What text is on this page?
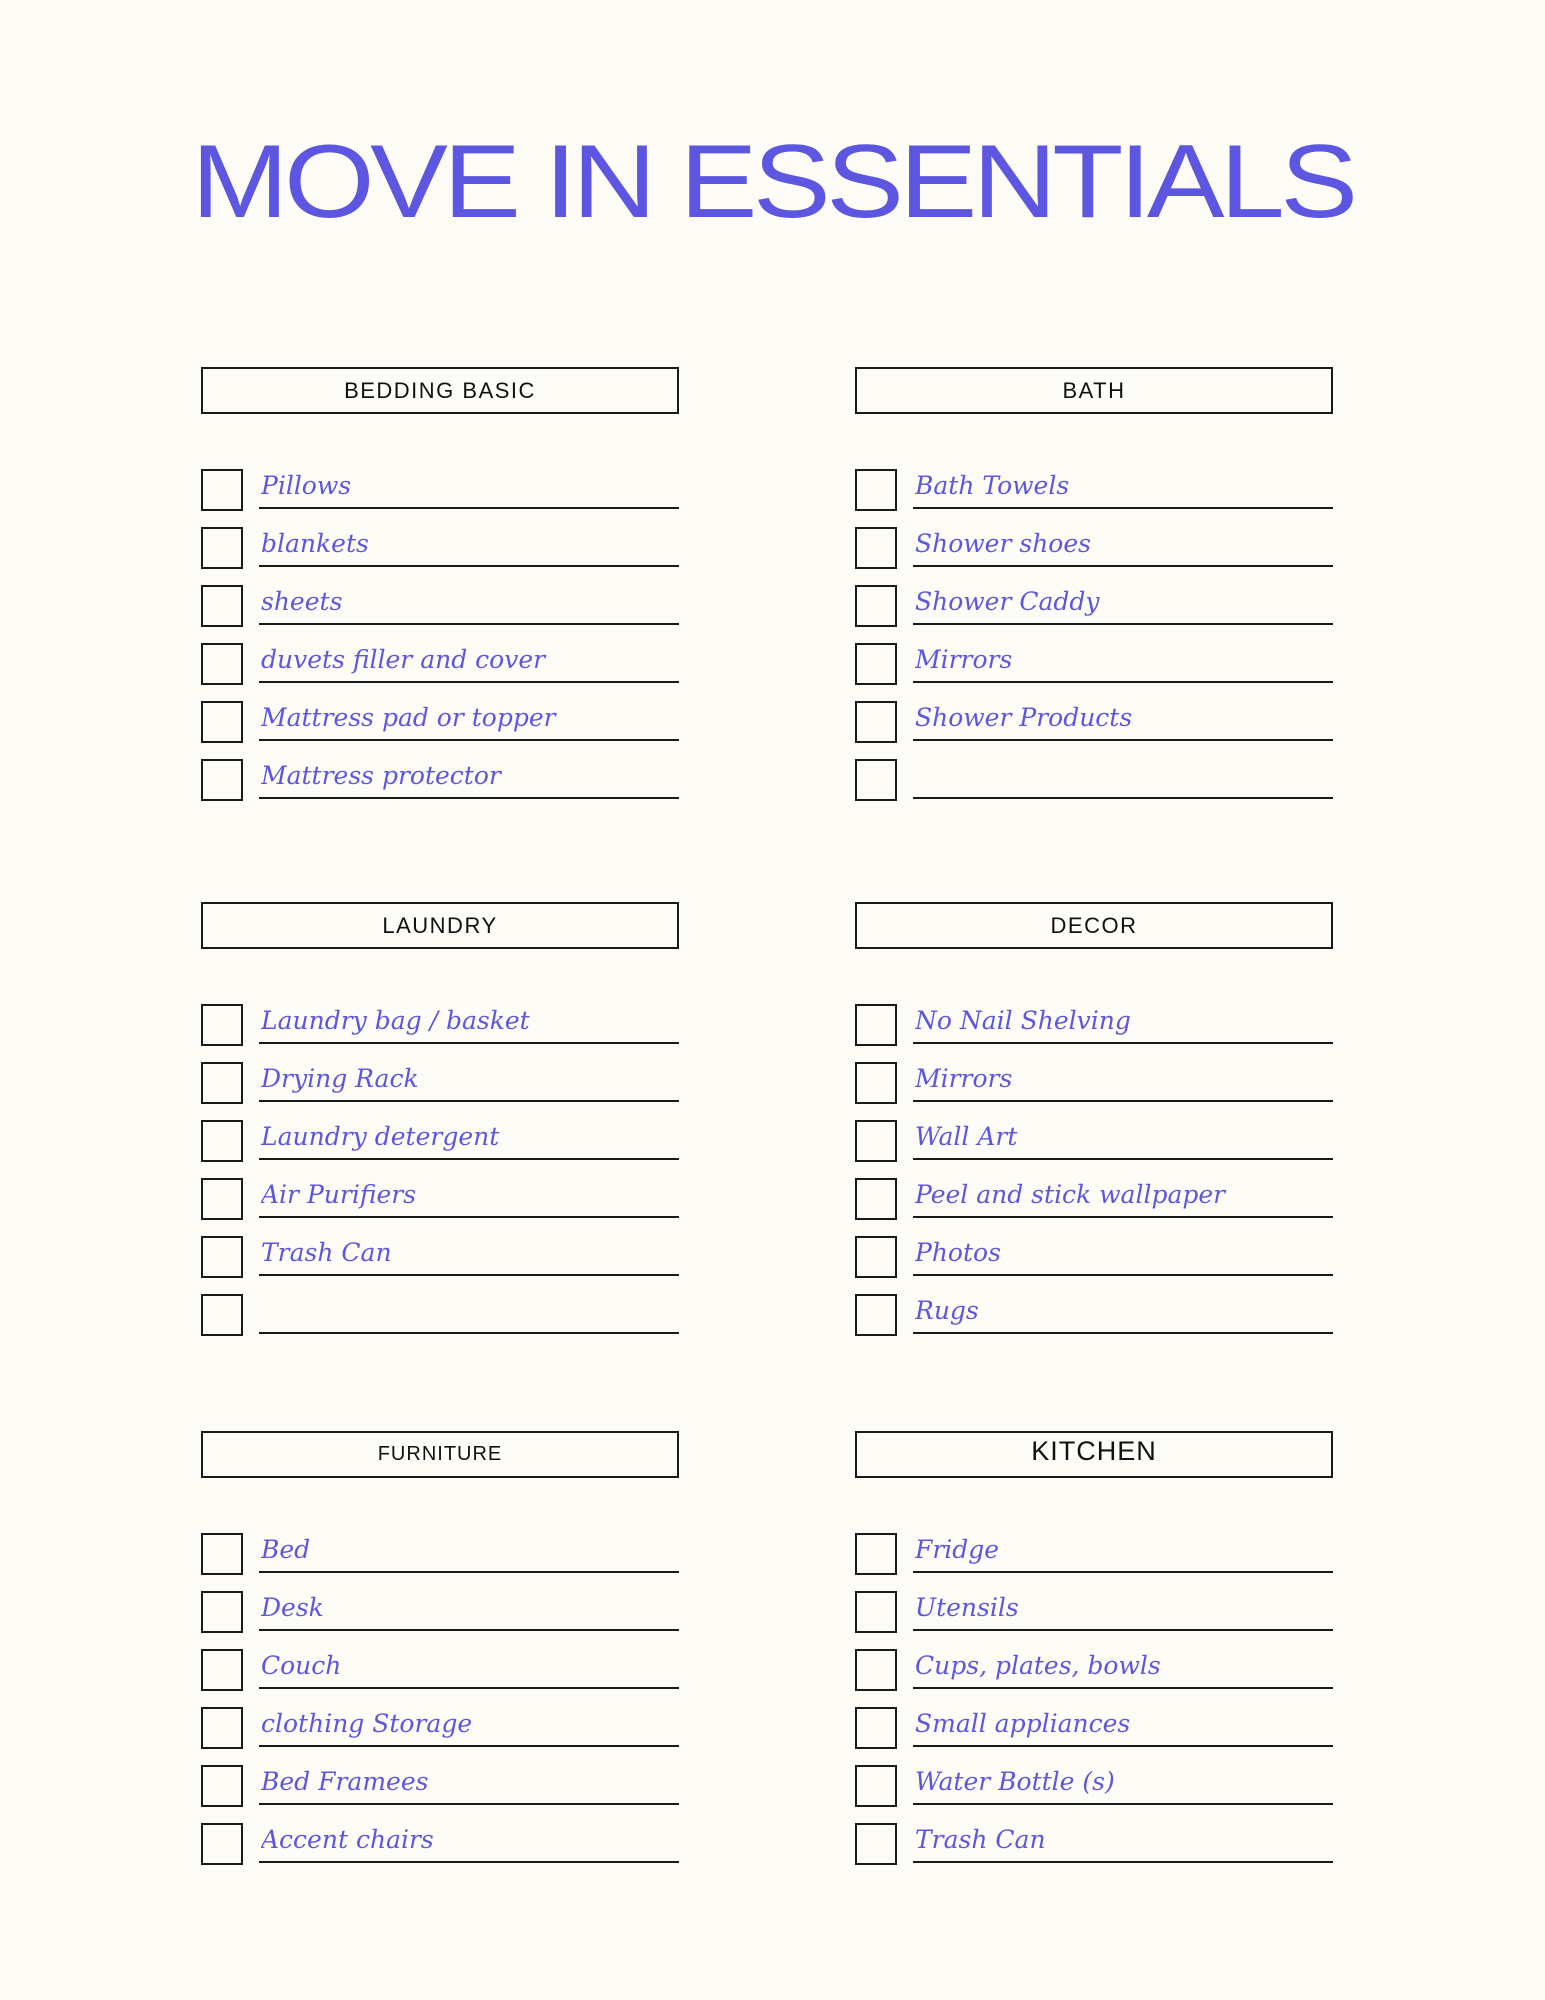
MOVE IN ESSENTIALS
BEDDING BASIC
Pillows
blankets
sheets
duvets filler and cover
Mattress pad or topper
Mattress protector
BATH
Bath Towels
Shower shoes
Shower Caddy
Mirrors
Shower Products
LAUNDRY
Laundry bag / basket
Drying Rack
Laundry detergent
Air Purifiers
Trash Can
DECOR
No Nail Shelving
Mirrors
Wall Art
Peel and stick wallpaper
Photos
Rugs
FURNITURE
Bed
Desk
Couch
clothing Storage
Bed Framees
Accent chairs
KITCHEN
Fridge
Utensils
Cups, plates, bowls
Small appliances
Water Bottle (s)
Trash Can
